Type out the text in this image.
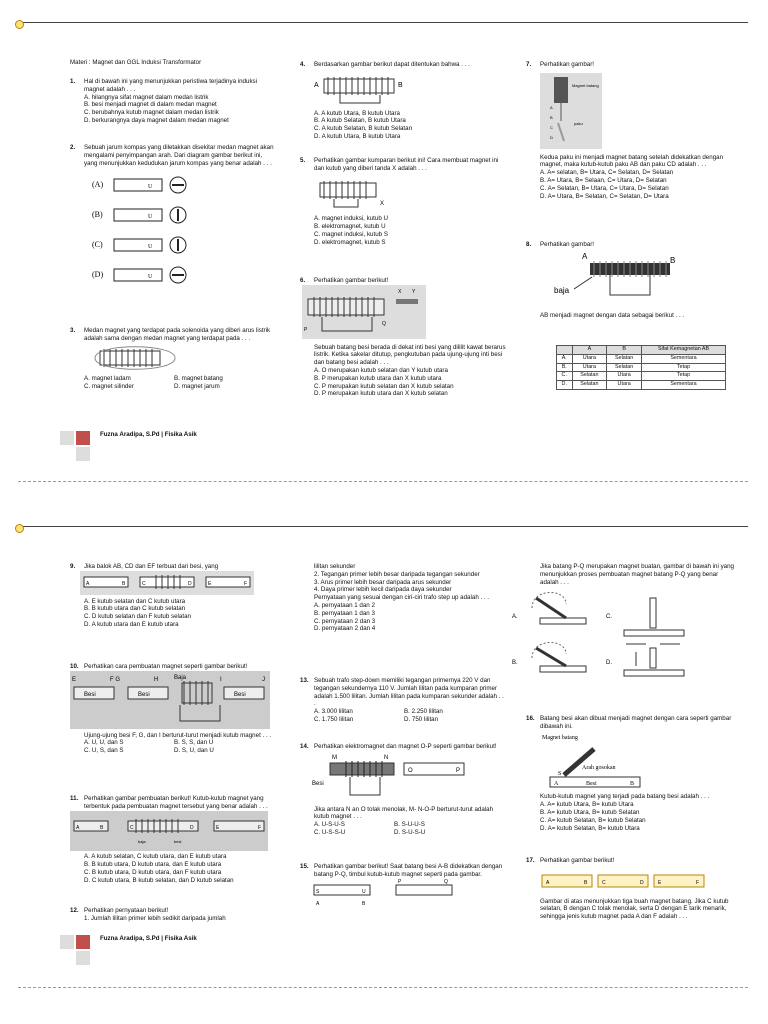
Materi : Magnet dan GGL Induksi Transformator
1. Hal di bawah ini yang menunjukkan peristiwa terjadinya induksi magnet adalah . . .
A. hilangnya sifat magnet dalam medan listrik
B. besi menjadi magnet di dalam medan magnet
C. berubahnya kutub magnet dalam medan listrik
D. berkurangnya daya magnet dalam medan magnet
2. Sebuah jarum kompas yang diletakkan disekitar medan magnet akan mengalami penyimpangan arah. Dari diagram gambar berikut ini, yang menunjukkan kedudukan jarum kompas yang benar adalah . . .
(A)	U
(B)	U
(C)	U
(D)	U
3. Medan magnet yang terdapat pada solenoida yang diberi arus listrik adalah sama dengan medan magnet yang terdapat pada . . .
A. magnet ladam	B. magnet batang
C. magnet silinder	D. magnet jarum
Fuzna Aradipa, S.Pd | Fisika Asik
4. Berdasarkan gambar berikut dapat ditentukan bahwa . . .
A	B
A. A kutub Utara, B kutub Utara
B. A kutub Selatan, B kutub Utara
C. A kutub Selatan, B kutub Selatan
D. A kutub Utara, B kutub Utara
5. Perhatikan gambar kumparan berikut ini! Cara membuat magnet ini dan kutub yang diberi tanda X adalah . . .
X
A. magnet induksi, kutub U
B. elektromagnet, kutub U
C. magnet induksi, kutub S
D. elektromagnet, kutub S
6. Perhatikan gambar berikut!
X Y
P
Q
Sebuah batang besi berada di dekat inti besi yang dililit kawat berarus listrik. Ketika sakelar ditutup, pengkutuban pada ujung-ujung inti besi dan batang besi adalah . . .
A. O merupakan kutub selatan dan Y kutub utara
B. P merupakan kutub utara dan X kutub utara
C. P merupakan kutub selatan dan X kutub selatan
D. P merupakan kutub utara dan X kutub selatan
7. Perhatikan gambar!
Magnet batang
A
B
C
D
paku
Kedua paku ini menjadi magnet batang setelah didekatkan dengan magnet, maka kutub-kutub paku AB dan paku CD adalah . . .
A. A= selatan, B= Utara, C= Selatan, D= Selatan
B. A= Utara, B= Selaan, C= Utara, D= Selatan
C. A= Selatan, B= Utara, C= Utara, D= Selatan
D. A= Utara, B= Selatan, C= Selatan, D= Utara
8. Perhatikan gambar!
A	B
baja
AB menjadi magnet dengan data sebagai berikut . . .
	A	B	Sifat Kemagnetan AB
A.	Utara	Selatan	Sementara
B.	Utara	Selatan	Tetap
C.	Selatan	Utara	Tetap
D.	Selatan	Utara	Sementara
9. Jika balok AB, CD dan EF terbuat dari besi, yang
A	B	C	D	E	F
A. E kutub selatan dan C kutub utara
B. B kutub utara dan C kutub selatan
C. D kutub selatan dan F kutub selatan
D. A kutub utara dan E kutub utara
10. Perhatikan cara pembuatan magnet seperti gambar berikut!
E	F G	H	Baja	I	J
Besi	Besi	Besi
Ujung-ujung besi F, G, dan I berturut-turut menjadi kutub magnet . . .
A. U, U, dan S	B. S, S, dan U
C. U, S, dan S	D. S, U, dan U
11. Perhatikan gambar pembuatan berikut! Kutub-kutub magnet yang terbentuk pada pembuatan magnet tersebut yang benar adalah . . .
A	B	C	D	E	F
baja	besi
A. A kutub selatan, C kutub utara, dan E kutub utara
B. B kutub utara, D kutub utara, dan E kutub utara
C. B kutub utara, D kutub utara, dan F kutub utara
D. C kutub utara, B kutub selatan, dan D kutub selatan
12. Perhatikan pernyataan berikut!
1. Jumlah lilitan primer lebih sedikit daripada jumlah
Fuzna Aradipa, S.Pd | Fisika Asik
lilitan sekunder
2. Tegangan primer lebih besar daripada tegangan sekunder
3. Arus primer lebih besar daripada arus sekunder
4. Daya primer lebih kecil daripada daya sekunder
Pernyataan yang sesuai dengan ciri-ciri trafo step up adalah . . .
A. pernyataan 1 dan 2
B. pernyataan 1 dan 3
C. pernyataan 2 dan 3
D. pernyataan 2 dan 4
13. Sebuah trafo step-down memiliki tegangan primernya 220 V dan tegangan sekundernya 110 V. Jumlah lilitan pada kumparan primer adalah 1.500 lilitan. Jumlah lilitan pada kumparan sekunder adalah . . .
A. 3.000 lilitan	B. 2.250 lilitan
C. 1.750 lilitan	D. 750 lilitan
14. Perhatikan elektromagnet dan magnet O-P seperti gambar berikut!
M	N
O	P
Besi
Jika antara N an O tolak menolak, M- N-O-P berturut-turut adalah kutub magnet . . .
A. U-S-U-S	B. S-U-U-S
C. U-S-S-U	D. S-U-S-U
15. Perhatikan gambar berikut! Saat batang besi A-B didekatkan dengan batang P-Q, timbul kutub-kutub magnet seperti pada gambar.
S	U
A	B
P	Q
Jika batang P-Q merupakan magnet buatan, gambar di bawah ini yang menunjukkan proses pembuatan magnet batang P-Q yang benar adalah . . .
A.
B.
C.
D.
16. Batang besi akan dibuat menjadi magnet dengan cara seperti gambar dibawah ini.
Magnet batang
Arah gosokan
S
A	Besi	B
Kutub-kutub magnet yang terjadi pada batang besi adalah . . .
A. A= kutub Utara, B= kutub Utara
B. A= kutub Utara, B= kutub Selatan
C. A= kutub Selatan, B= kutub Selatan
D. A= kutub Selatan, B= kutub Utara
17. Perhatikan gambar berikut!
A	B	C	D	E	F
Gambar di atas menunjukkan tiga buah magnet batang. Jika C kutub selatan, B dengan C tolak menolak, serta D dengan E tarik menarik, sehingga jenis kutub magnet pada A dan F adalah . . .
